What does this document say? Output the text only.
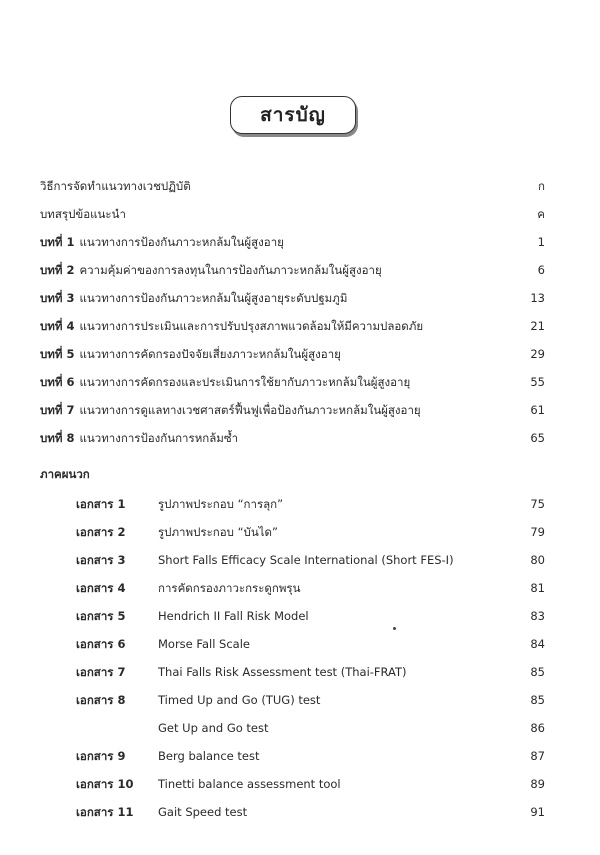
สารบัญ
วิธีการจัดทำแนวทางเวชปฏิบัติ	ก
บทสรุปข้อแนะนำ	ค
บทที่ 1 แนวทางการป้องกันภาวะหกล้มในผู้สูงอายุ	1
บทที่ 2 ความคุ้มค่าของการลงทุนในการป้องกันภาวะหกล้มในผู้สูงอายุ	6
บทที่ 3 แนวทางการป้องกันภาวะหกล้มในผู้สูงอายุระดับปฐมภูมิ	13
บทที่ 4 แนวทางการประเมินและการปรับปรุงสภาพแวดล้อมให้มีความปลอดภัย	21
บทที่ 5 แนวทางการคัดกรองปัจจัยเสี่ยงภาวะหกล้มในผู้สูงอายุ	29
บทที่ 6 แนวทางการคัดกรองและประเมินการใช้ยากับภาวะหกล้มในผู้สูงอายุ	55
บทที่ 7 แนวทางการดูแลทางเวชศาสตร์ฟื้นฟูเพื่อป้องกันภาวะหกล้มในผู้สูงอายุ	61
บทที่ 8 แนวทางการป้องกันการหกล้มซ้ำ	65
ภาคผนวก
เอกสาร 1	รูปภาพประกอบ “การลุก”	75
เอกสาร 2	รูปภาพประกอบ “บันได”	79
เอกสาร 3	Short Falls Efficacy Scale International (Short FES-I)	80
เอกสาร 4	การคัดกรองภาวะกระดูกพรุน	81
เอกสาร 5	Hendrich II Fall Risk Model	83
เอกสาร 6	Morse Fall Scale	84
เอกสาร 7	Thai Falls Risk Assessment test (Thai-FRAT)	85
เอกสาร 8	Timed Up and Go (TUG) test	85
Get Up and Go test	86
เอกสาร 9	Berg balance test	87
เอกสาร 10 Tinetti balance assessment tool	89
เอกสาร 11 Gait Speed test	91
